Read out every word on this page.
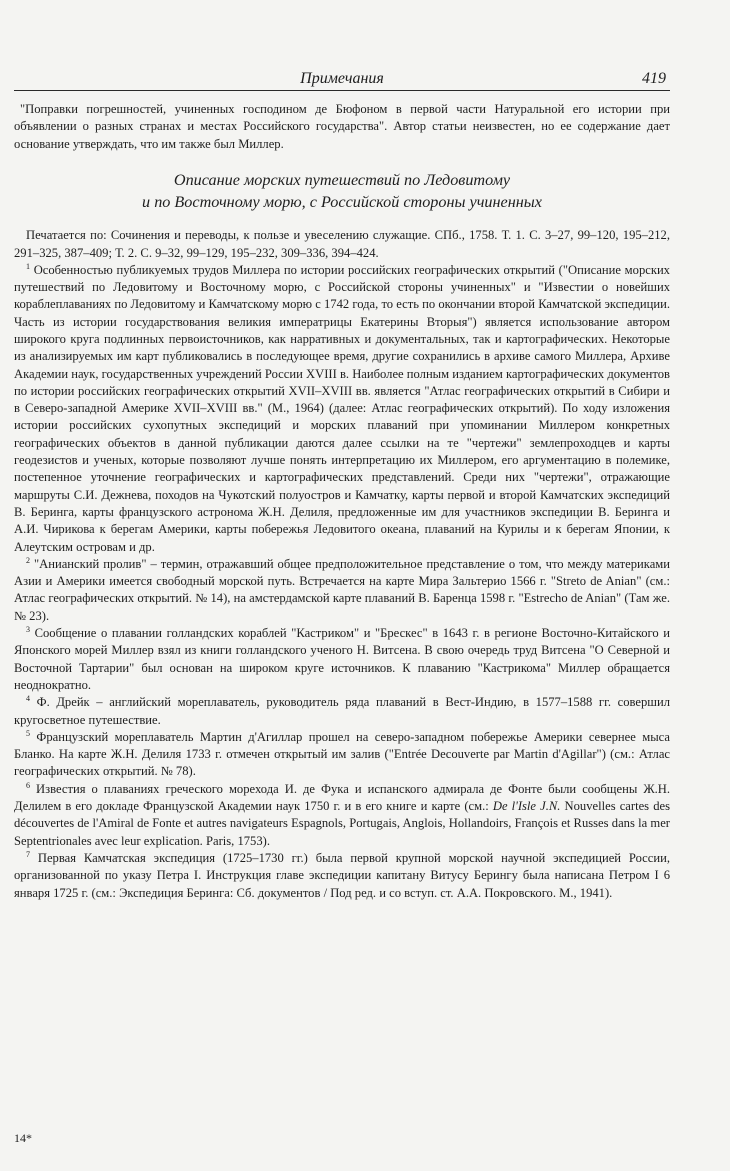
Примечания	419

"Поправки погрешностей, учиненных господином де Бюфоном в первой части Натуральной его истории при объявлении о разных странах и местах Российского государства". Автор статьи неизвестен, но ее содержание дает основание утверждать, что им также был Миллер.

Описание морских путешествий по Ледовитому
и по Восточному морю, с Российской стороны учиненных

Печатается по: Сочинения и переводы, к пользе и увеселению служащие. СПб., 1758. Т. 1. С. 3–27, 99–120, 195–212, 291–325, 387–409; Т. 2. С. 9–32, 99–129, 195–232, 309–336, 394–424.

$^1$ Особенностью публикуемых трудов Миллера по истории российских географических открытий ("Описание морских путешествий по Ледовитому и Восточному морю, с Российской стороны учиненных" и "Известии о новейших кораблеплаваниях по Ледовитому и Камчатскому морю с 1742 года, то есть по окончании второй Камчатской экспедиции. Часть из истории государствования великия императрицы Екатерины Вторыя") является использование автором широкого круга подлинных первоисточников, как нарративных и документальных, так и картографических. Некоторые из анализируемых им карт публиковались в последующее время, другие сохранились в архиве самого Миллера, Архиве Академии наук, государственных учреждений России XVIII в. Наиболее полным изданием картографических документов по истории российских географических открытий XVII–XVIII вв. является "Атлас географических открытий в Сибири и в Северо-западной Америке XVII–XVIII вв." (М., 1964) (далее: Атлас географических открытий). По ходу изложения истории российских сухопутных экспедиций и морских плаваний при упоминании Миллером конкретных географических объектов в данной публикации даются далее ссылки на те "чертежи" землепроходцев и карты геодезистов и ученых, которые позволяют лучше понять интерпретацию их Миллером, его аргументацию в полемике, постепенное уточнение географических и картографических представлений. Среди них "чертежи", отражающие маршруты С.И. Дежнева, походов на Чукотский полуостров и Камчатку, карты первой и второй Камчатских экспедиций В. Беринга, карты французского астронома Ж.Н. Делиля, предложенные им для участников экспедиции В. Беринга и А.И. Чирикова к берегам Америки, карты побережья Ледовитого океана, плаваний на Курилы и к берегам Японии, к Алеутским островам и др.

$^2$ "Анианский пролив" – термин, отражавший общее предположительное представление о том, что между материками Азии и Америки имеется свободный морской путь. Встречается на карте Мира Зальтерио 1566 г. "Streto de Anian" (см.: Атлас географических открытий. № 14), на амстердамской карте плаваний В. Баренца 1598 г. "Estrecho de Anian" (Там же. № 23).

$^3$ Сообщение о плавании голландских кораблей "Кастриком" и "Брескес" в 1643 г. в регионе Восточно-Китайского и Японского морей Миллер взял из книги голландского ученого Н. Витсена. В свою очередь труд Витсена "О Северной и Восточной Тартарии" был основан на широком круге источников. К плаванию "Кастрикома" Миллер обращается неоднократно.

$^4$ Ф. Дрейк – английский мореплаватель, руководитель ряда плаваний в Вест-Индию, в 1577–1588 гг. совершил кругосветное путешествие.

$^5$ Французский мореплаватель Мартин д'Агиллар прошел на северо-западном побережье Америки севернее мыса Бланко. На карте Ж.Н. Делиля 1733 г. отмечен открытый им залив ("Entrée Decouverte par Martin d'Agillar") (см.: Атлас географических открытий. № 78).

$^6$ Известия о плаваниях греческого морехода И. де Фука и испанского адмирала де Фонте были сообщены Ж.Н. Делилем в его докладе Французской Академии наук 1750 г. и в его книге и карте (см.: De l'Isle J.N. Nouvelles cartes des découvertes de l'Amiral de Fonte et autres navigateurs Espagnols, Portugais, Anglois, Hollandoirs, François et Russes dans la mer Septentrionales avec leur explication. Paris, 1753).

$^7$ Первая Камчатская экспедиция (1725–1730 гг.) была первой крупной морской научной экспедицией России, организованной по указу Петра I. Инструкция главе экспедиции капитану Витусу Берингу была написана Петром I 6 января 1725 г. (см.: Экспедиция Беринга: Сб. документов / Под ред. и со вступ. ст. А.А. Покровского. М., 1941).

14*
